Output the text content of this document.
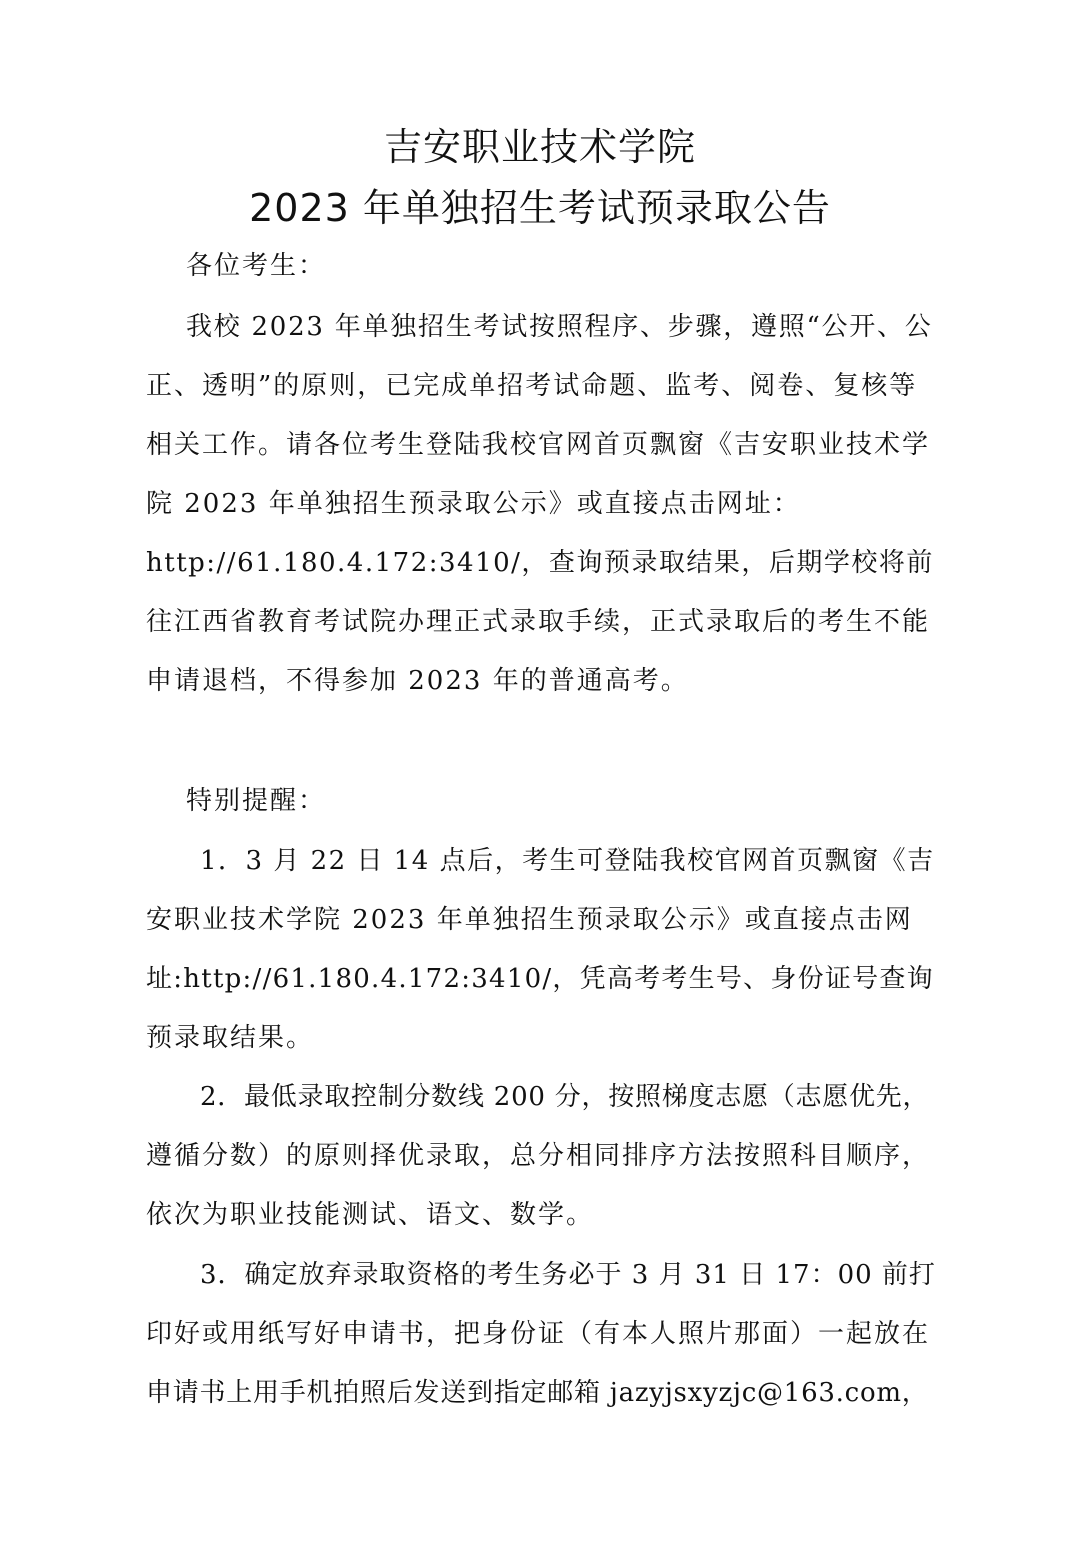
吉安职业技术学院
2023 年单独招生考试预录取公告
各位考生：
我校 2023 年单独招生考试按照程序、步骤，遵照“公开、公
正、透明”的原则，已完成单招考试命题、监考、阅卷、复核等
相关工作。请各位考生登陆我校官网首页飘窗《吉安职业技术学
院 2023 年单独招生预录取公示》或直接点击网址：
http://61.180.4.172:3410/，查询预录取结果，后期学校将前
往江西省教育考试院办理正式录取手续，正式录取后的考生不能
申请退档，不得参加 2023 年的普通高考。
特别提醒：
1．3 月 22 日 14 点后，考生可登陆我校官网首页飘窗《吉
安职业技术学院 2023 年单独招生预录取公示》或直接点击网
址:http://61.180.4.172:3410/，凭高考考生号、身份证号查询
预录取结果。
2．最低录取控制分数线 200 分，按照梯度志愿（志愿优先，
遵循分数）的原则择优录取，总分相同排序方法按照科目顺序，
依次为职业技能测试、语文、数学。
3．确定放弃录取资格的考生务必于 3 月 31 日 17：00 前打
印好或用纸写好申请书，把身份证（有本人照片那面）一起放在
申请书上用手机拍照后发送到指定邮箱 jazyjsxyzjc@163.com，
